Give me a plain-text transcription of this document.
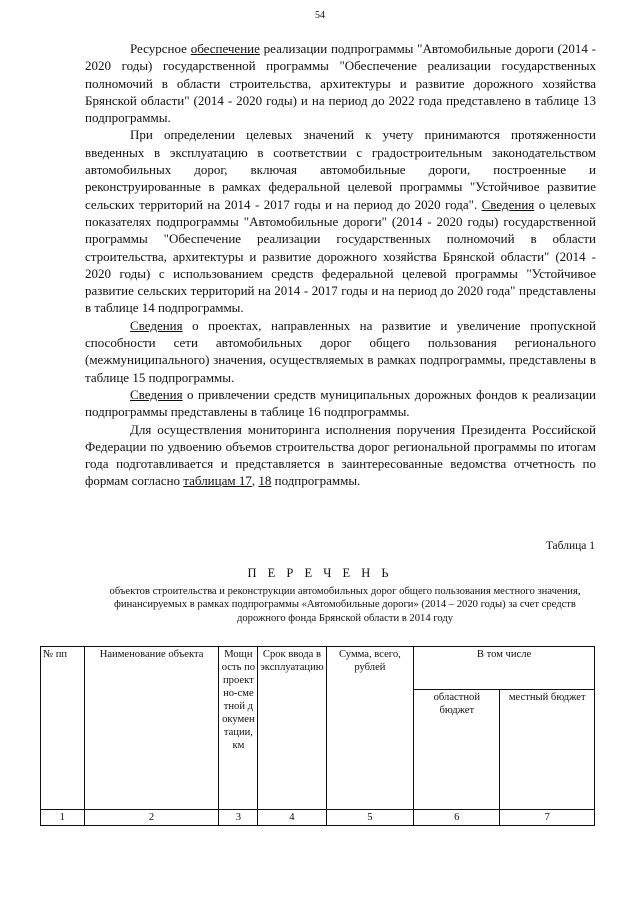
54

Ресурсное обеспечение реализации подпрограммы "Автомобильные дороги (2014 - 2020 годы) государственной программы "Обеспечение реализации государственных полномочий в области строительства, архитектуры и развитие дорожного хозяйства Брянской области" (2014 - 2020 годы) и на период до 2022 года представлено в таблице 13 подпрограммы.

При определении целевых значений к учету принимаются протяженности введенных в эксплуатацию в соответствии с градостроительным законодательством автомобильных дорог, включая автомобильные дороги, построенные и реконструированные в рамках федеральной целевой программы "Устойчивое развитие сельских территорий на 2014 - 2017 годы и на период до 2020 года". Сведения о целевых показателях подпрограммы "Автомобильные дороги" (2014 - 2020 годы) государственной программы "Обеспечение реализации государственных полномочий в области строительства, архитектуры и развитие дорожного хозяйства Брянской области" (2014 - 2020 годы) с использованием средств федеральной целевой программы "Устойчивое развитие сельских территорий на 2014 - 2017 годы и на период до 2020 года" представлены в таблице 14 подпрограммы.

Сведения о проектах, направленных на развитие и увеличение пропускной способности сети автомобильных дорог общего пользования регионального (межмуниципального) значения, осуществляемых в рамках подпрограммы, представлены в таблице 15 подпрограммы.

Сведения о привлечении средств муниципальных дорожных фондов к реализации подпрограммы представлены в таблице 16 подпрограммы.

Для осуществления мониторинга исполнения поручения Президента Российской Федерации по удвоению объемов строительства дорог региональной программы по итогам года подготавливается и представляется в заинтересованные ведомства отчетность по формам согласно таблицам 17, 18 подпрограммы.

Таблица 1
П Е Р Е Ч Е Н Ь
объектов строительства и реконструкции автомобильных дорог общего пользования местного значения, финансируемых в рамках подпрограммы «Автомобильные дороги» (2014 – 2020 годы) за счет средств дорожного фонда Брянской области в 2014 году
№ пп	Наименование объекта	Мощность по проектно-сметной документации, км	Срок ввода в эксплуатацию	Сумма, всего, рублей	В том числе	
					областной бюджет	местный бюджет
1	2	3	4	5	6	7
